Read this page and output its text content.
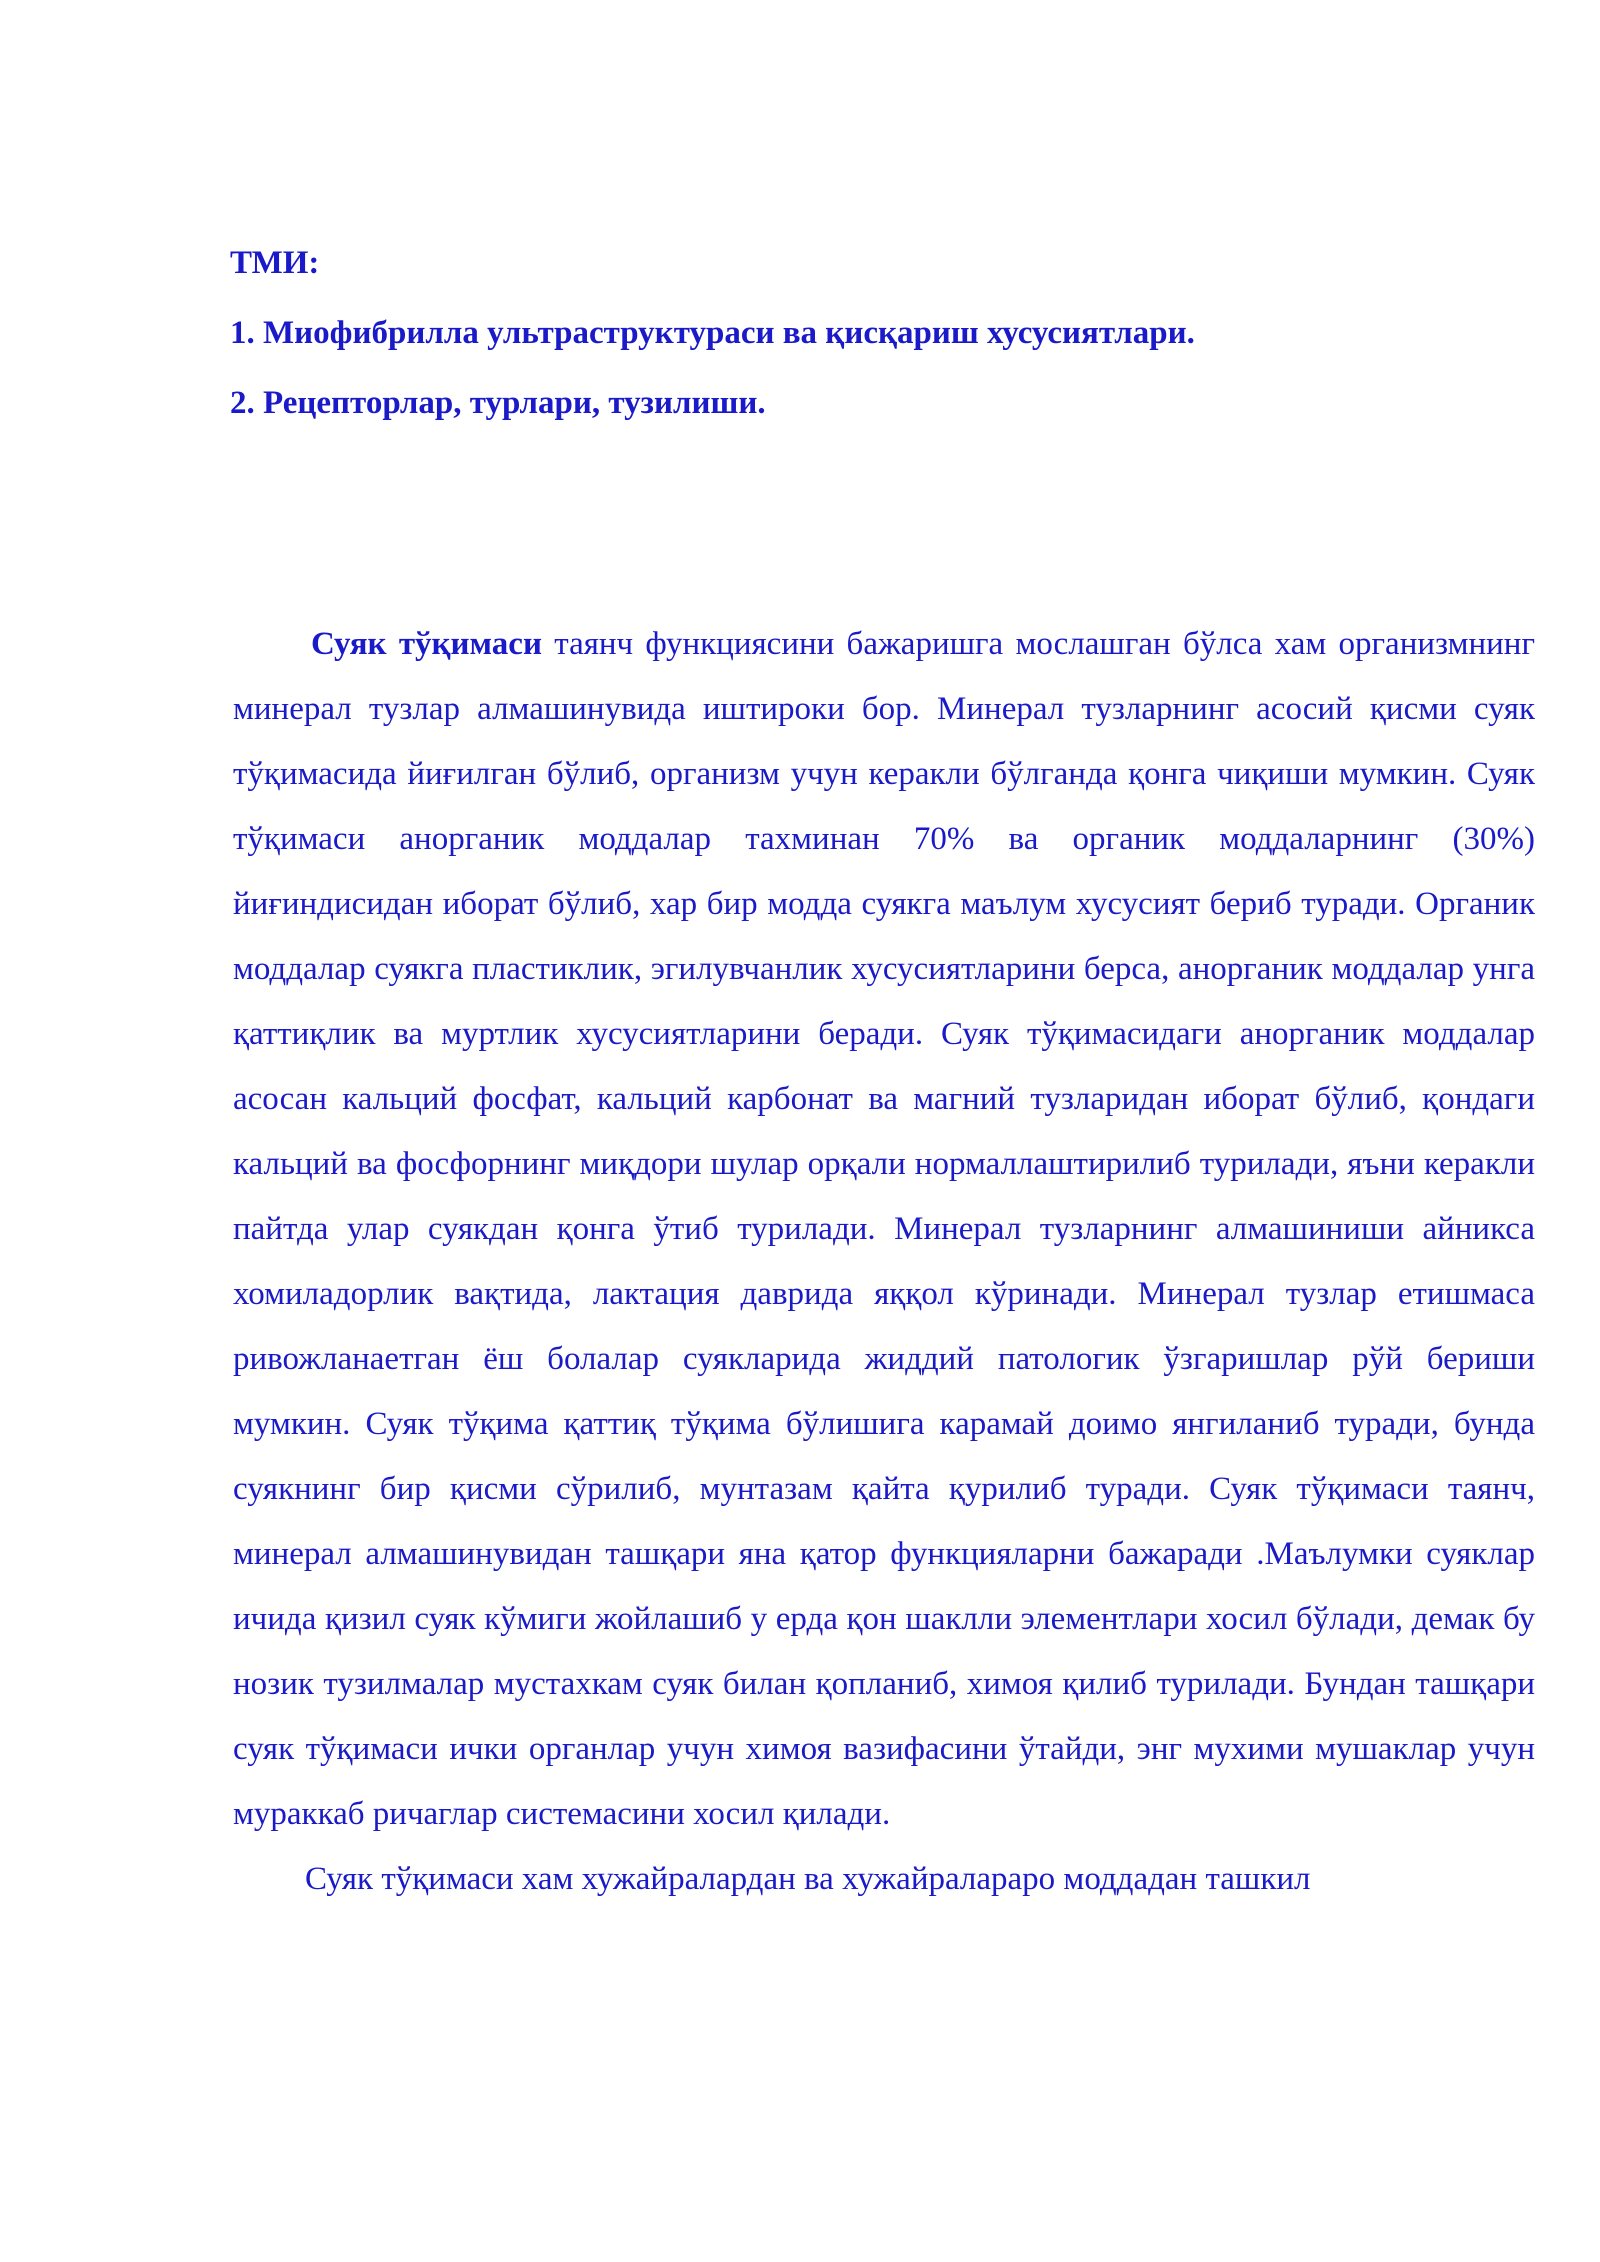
ТМИ:
1. Миофибрилла ультраструктураси ва қисқариш хусусиятлари.
2. Рецепторлар, турлари, тузилиши.

Суяк тўқимаси таянч функциясини бажаришга мослашган бўлса хам организмнинг минерал тузлар алмашинувида иштироки бор. Минерал тузларнинг асосий қисми суяк тўқимасида йиғилган бўлиб, организм учун керакли бўлганда қонга чиқиши мумкин. Суяк тўқимаси анорганик моддалар тахминан 70% ва органик моддаларнинг (30%) йиғиндисидан иборат бўлиб, хар бир модда суякга маълум хусусият бериб туради. Органик моддалар суякга пластиклик, эгилувчанлик хусусиятларини берса, анорганик моддалар унга қаттиқлик ва муртлик хусусиятларини беради. Суяк тўқимасидаги анорганик моддалар асосан кальций фосфат, кальций карбонат ва магний тузларидан иборат бўлиб, қондаги кальций ва фосфорнинг миқдори шулар орқали нормаллаштирилиб турилади, яъни керакли пайтда улар суякдан қонга ўтиб турилади. Минерал тузларнинг алмашиниши айникса хомиладорлик вақтида, лактация даврида яққол кўринади. Минерал тузлар етишмаса ривожланаетган ёш болалар суякларида жиддий патологик ўзгаришлар рўй бериши мумкин. Суяк тўқима қаттиқ тўқима бўлишига карамай доимо янгиланиб туради, бунда суякнинг бир қисми сўрилиб, мунтазам қайта қурилиб туради. Суяк тўқимаси таянч, минерал алмашинувидан ташқари яна қатор функцияларни бажаради .Маълумки суяклар ичида қизил суяк кўмиги жойлашиб у ерда қон шаклли элементлари хосил бўлади, демак бу нозик тузилмалар мустахкам суяк билан қопланиб, химоя қилиб турилади. Бундан ташқари суяк тўқимаси ички органлар учун химоя вазифасини ўтайди, энг мухими мушаклар учун мураккаб ричаглар системасини хосил қилади.

Суяк тўқимаси хам хужайралардан ва хужайралараро моддадан ташкил
